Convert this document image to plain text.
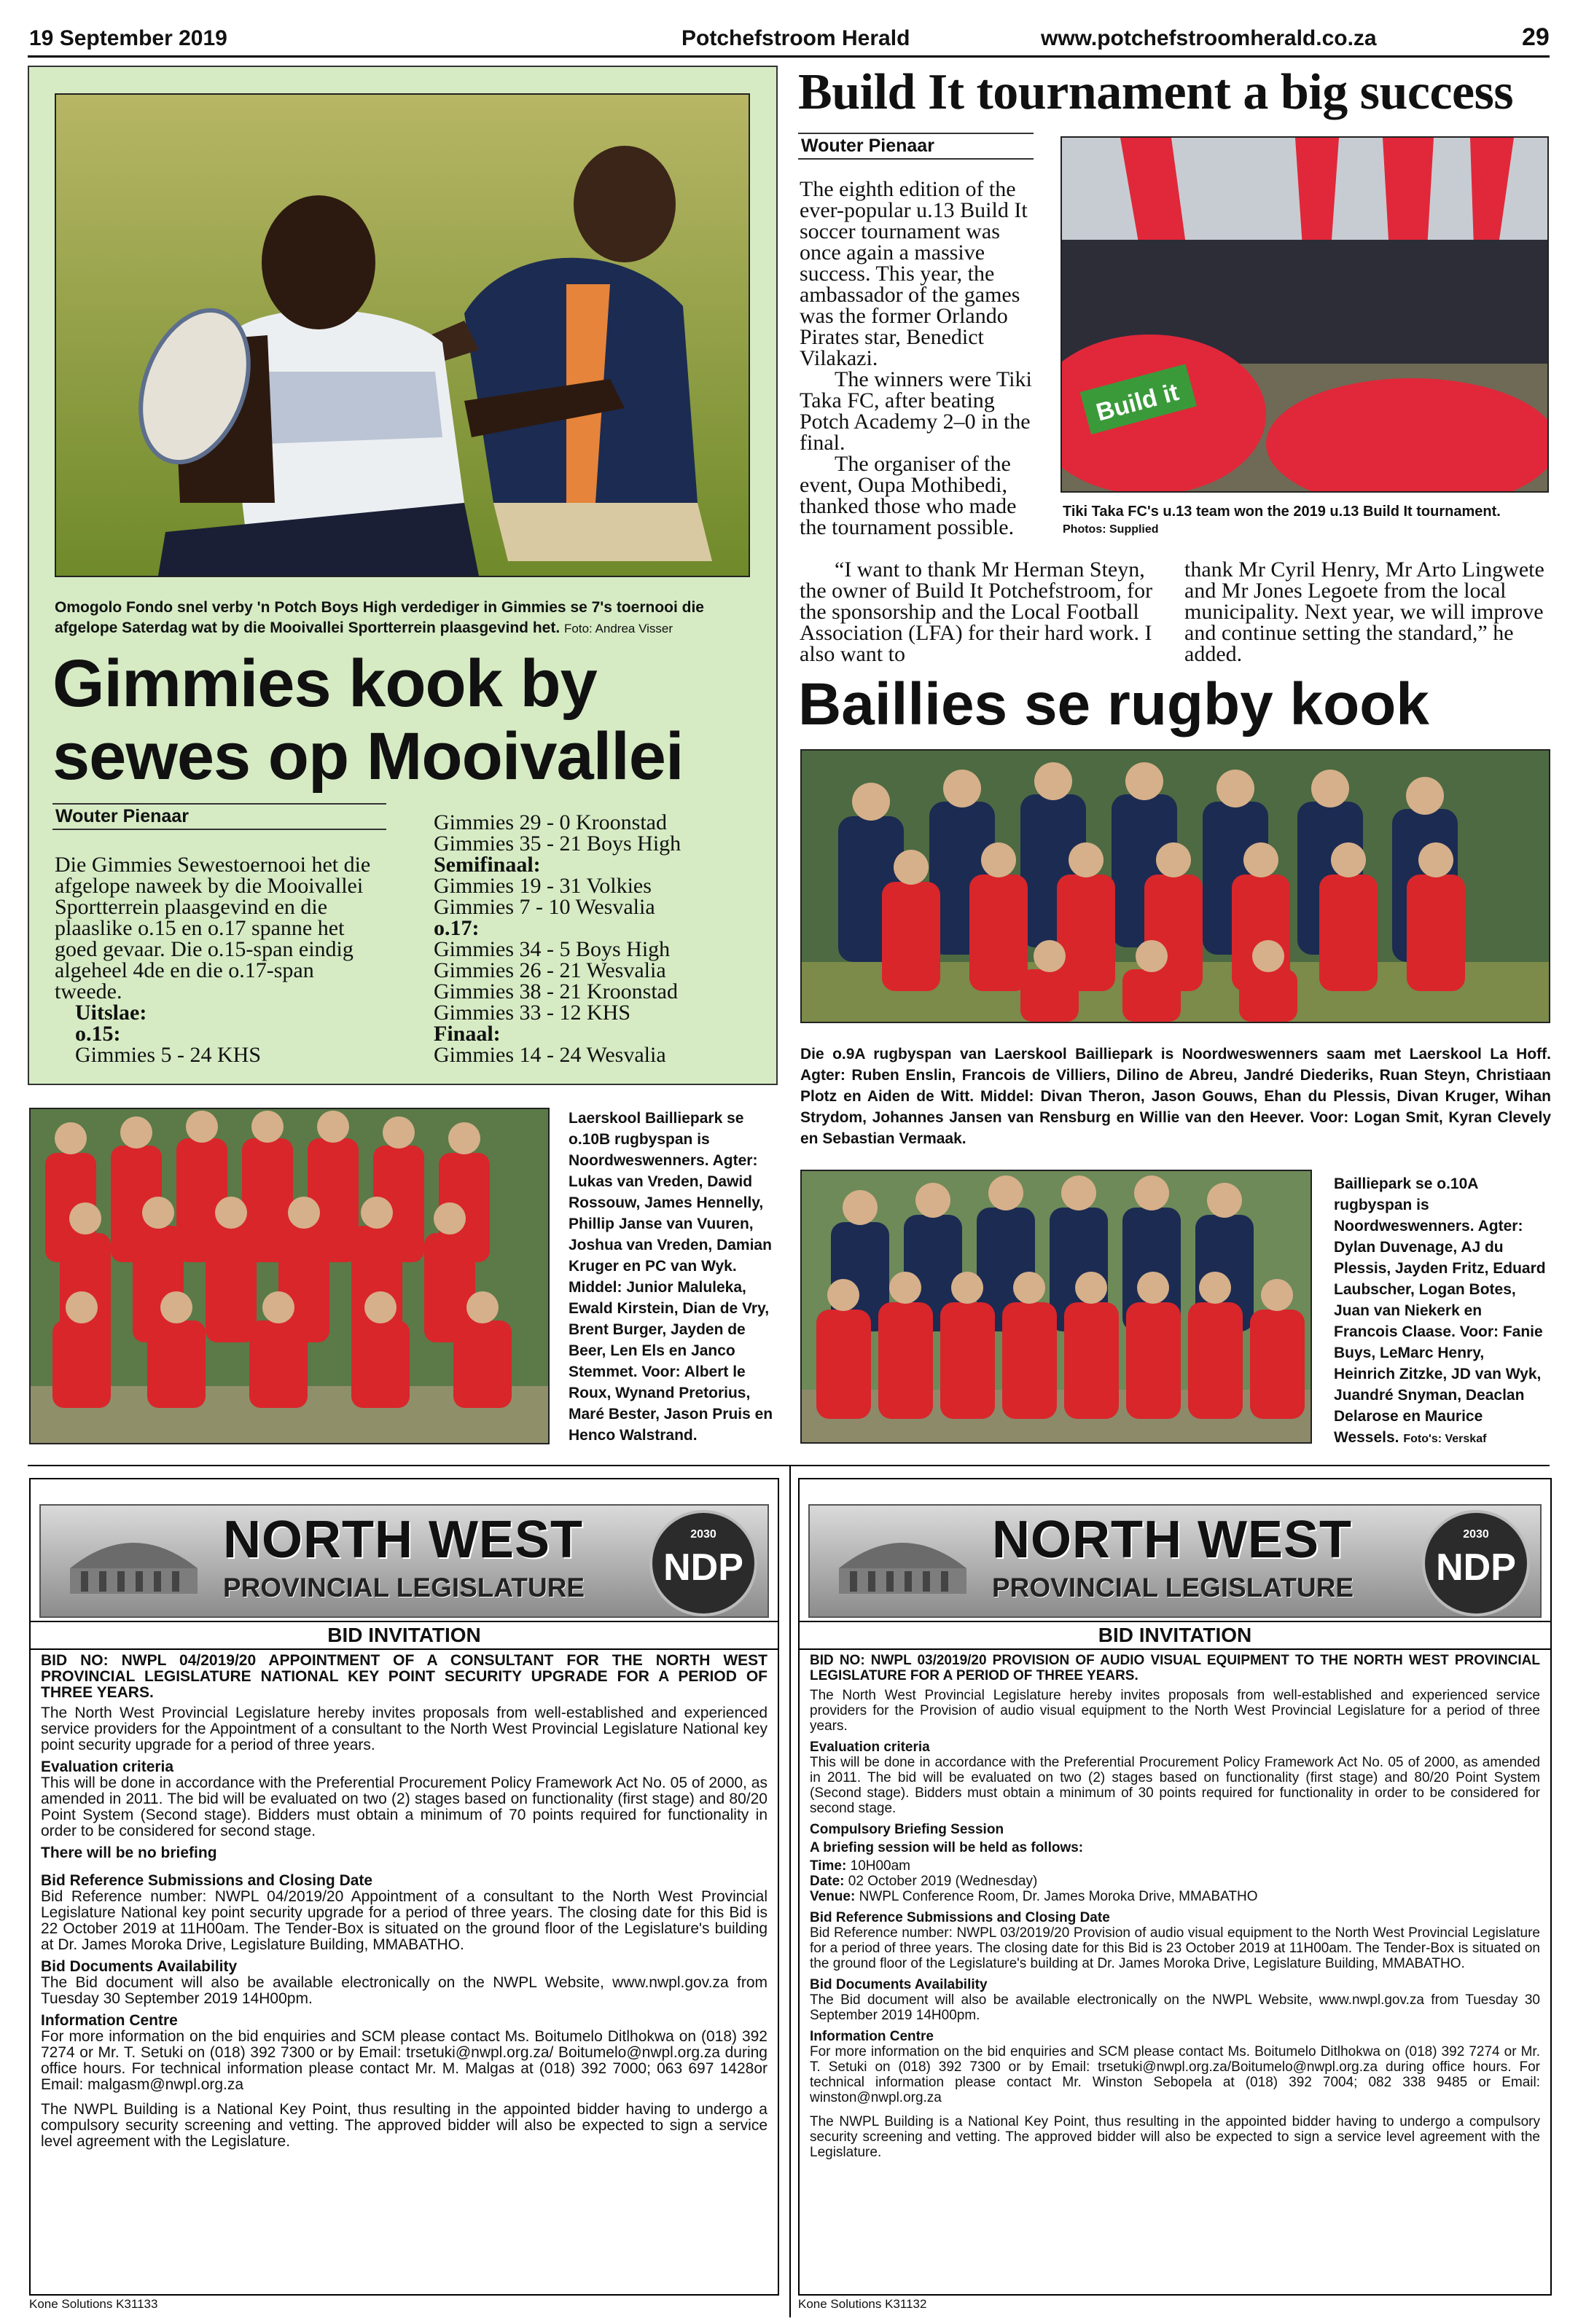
19 September 2019	Potchefstroom Herald	www.potchefstroomherald.co.za	29
Omogolo Fondo snel verby 'n Potch Boys High verdediger in Gimmies se 7's toernooi die afgelope Saterdag wat by die Mooivallei Sportterrein plaasgevind het. Foto: Andrea Visser
Gimmies kook by
sewes op Mooivallei
Wouter Pienaar
Die Gimmies Sewestoernooi het die afgelope naweek by die Mooivallei Sportterrein plaasgevind en die plaaslike o.15 en o.17 spanne het goed gevaar. Die o.15-span eindig algeheel 4de en die o.17-span tweede.
Uitslae:
o.15:
Gimmies 5 - 24 KHS
Gimmies 29 - 0 Kroonstad
Gimmies 35 - 21 Boys High
Semifinaal:
Gimmies 19 - 31 Volkies
Gimmies 7 - 10 Wesvalia
o.17:
Gimmies 34 - 5 Boys High
Gimmies 26 - 21 Wesvalia
Gimmies 38 - 21 Kroonstad
Gimmies 33 - 12 KHS
Finaal:
Gimmies 14 - 24 Wesvalia
Build It tournament a big success
Wouter Pienaar
The eighth edition of the ever-popular u.13 Build It soccer tournament was once again a massive success. This year, the ambassador of the games was the former Orlando Pirates star, Benedict Vilakazi.
The winners were Tiki Taka FC, after beating Potch Academy 2–0 in the final.
The organiser of the event, Oupa Mothibedi, thanked those who made the tournament possible.
“I want to thank Mr Herman Steyn, the owner of Build It Potchefstroom, for the sponsorship and the Local Football Association (LFA) for their hard work. I also want to
thank Mr Cyril Henry, Mr Arto Lingwete and Mr Jones Legoete from the local municipality. Next year, we will improve and continue setting the standard,” he added.
Build it
Tiki Taka FC's u.13 team won the 2019 u.13 Build It tournament.
Photos: Supplied
Baillies se rugby kook
Die o.9A rugbyspan van Laerskool Bailliepark is Noordweswenners saam met Laerskool La Hoff. Agter: Ruben Enslin, Francois de Villiers, Dilino de Abreu, Jandré Diederiks, Ruan Steyn, Christiaan Plotz en Aiden de Witt. Middel: Divan Theron, Jason Gouws, Ehan du Plessis, Divan Kruger, Wihan Strydom, Johannes Jansen van Rensburg en Willie van den Heever. Voor: Logan Smit, Kyran Clevely en Sebastian Vermaak.
Laerskool Bailliepark se o.10B rugbyspan is Noordweswenners. Agter: Lukas van Vreden, Dawid Rossouw, James Hennelly, Phillip Janse van Vuuren, Joshua van Vreden, Damian Kruger en PC van Wyk. Middel: Junior Maluleka, Ewald Kirstein, Dian de Vry, Brent Burger, Jayden de Beer, Len Els en Janco Stemmet. Voor: Albert le Roux, Wynand Pretorius, Maré Bester, Jason Pruis en Henco Walstrand.
Bailliepark se o.10A rugbyspan is Noordweswenners. Agter: Dylan Duvenage, AJ du Plessis, Jayden Fritz, Eduard Laubscher, Logan Botes, Juan van Niekerk en Francois Claase. Voor: Fanie Buys, LeMarc Henry, Heinrich Zitzke, JD van Wyk, Juandré Snyman, Deaclan Delarose en Maurice Wessels. Foto's: Verskaf
NORTH WEST
PROVINCIAL LEGISLATURE
2030
NDP
BID INVITATION

BID NO: NWPL 04/2019/20 APPOINTMENT OF A CONSULTANT FOR THE NORTH WEST PROVINCIAL LEGISLATURE NATIONAL KEY POINT SECURITY UPGRADE FOR A PERIOD OF THREE YEARS.

The North West Provincial Legislature hereby invites proposals from well-established and experienced service providers for the Appointment of a consultant to the North West Provincial Legislature National key point security upgrade for a period of three years.

Evaluation criteria

This will be done in accordance with the Preferential Procurement Policy Framework Act No. 05 of 2000, as amended in 2011. The bid will be evaluated on two (2) stages based on functionality (first stage) and 80/20 Point System (Second stage). Bidders must obtain a minimum of 70 points required for functionality in order to be considered for second stage.

There will be no briefing
Bid Reference Submissions and Closing Date

Bid Reference number: NWPL 04/2019/20 Appointment of a consultant to the North West Provincial Legislature National key point security upgrade for a period of three years. The closing date for this Bid is 22 October 2019 at 11H00am. The Tender-Box is situated on the ground floor of the Legislature's building at Dr. James Moroka Drive, Legislature Building, MMABATHO.

Bid Documents Availability

The Bid document will also be available electronically on the NWPL Website, www.nwpl.gov.za from Tuesday 30 September 2019 14H00pm.

Information Centre

For more information on the bid enquiries and SCM please contact Ms. Boitumelo Ditlhokwa on (018) 392 7274 or Mr. T. Setuki on (018) 392 7300 or by Email: trsetuki@nwpl.org.za/ Boitumelo@nwpl.org.za during office hours. For technical information please contact Mr. M. Malgas at (018) 392 7000; 063 697 1428or Email: malgasm@nwpl.org.za

The NWPL Building is a National Key Point, thus resulting in the appointed bidder having to undergo a compulsory security screening and vetting. The approved bidder will also be expected to sign a service level agreement with the Legislature.

Kone Solutions K31133
NORTH WEST
PROVINCIAL LEGISLATURE
2030
NDP
BID INVITATION

BID NO: NWPL 03/2019/20 PROVISION OF AUDIO VISUAL EQUIPMENT TO THE NORTH WEST PROVINCIAL LEGISLATURE FOR A PERIOD OF THREE YEARS.

The North West Provincial Legislature hereby invites proposals from well-established and experienced service providers for the Provision of audio visual equipment to the North West Provincial Legislature for a period of three years.

Evaluation criteria

This will be done in accordance with the Preferential Procurement Policy Framework Act No. 05 of 2000, as amended in 2011. The bid will be evaluated on two (2) stages based on functionality (first stage) and 80/20 Point System (Second stage). Bidders must obtain a minimum of 30 points required for functionality in order to be considered for second stage.

Compulsory Briefing Session
A briefing session will be held as follows:
Time: 10H00am
Date: 02 October 2019 (Wednesday)
Venue: NWPL Conference Room, Dr. James Moroka Drive, MMABATHO
Bid Reference Submissions and Closing Date

Bid Reference number: NWPL 03/2019/20 Provision of audio visual equipment to the North West Provincial Legislature for a period of three years. The closing date for this Bid is 23 October 2019 at 11H00am. The Tender-Box is situated on the ground floor of the Legislature's building at Dr. James Moroka Drive, Legislature Building, MMABATHO.

Bid Documents Availability

The Bid document will also be available electronically on the NWPL Website, www.nwpl.gov.za from Tuesday 30 September 2019 14H00pm.

Information Centre

For more information on the bid enquiries and SCM please contact Ms. Boitumelo Ditlhokwa on (018) 392 7274 or Mr. T. Setuki on (018) 392 7300 or by Email: trsetuki@nwpl.org.za/Boitumelo@nwpl.org.za during office hours. For technical information please contact Mr. Winston Sebopela at (018) 392 7004; 082 338 9485 or Email: winston@nwpl.org.za

The NWPL Building is a National Key Point, thus resulting in the appointed bidder having to undergo a compulsory security screening and vetting. The approved bidder will also be expected to sign a service level agreement with the Legislature.

Kone Solutions K31132
